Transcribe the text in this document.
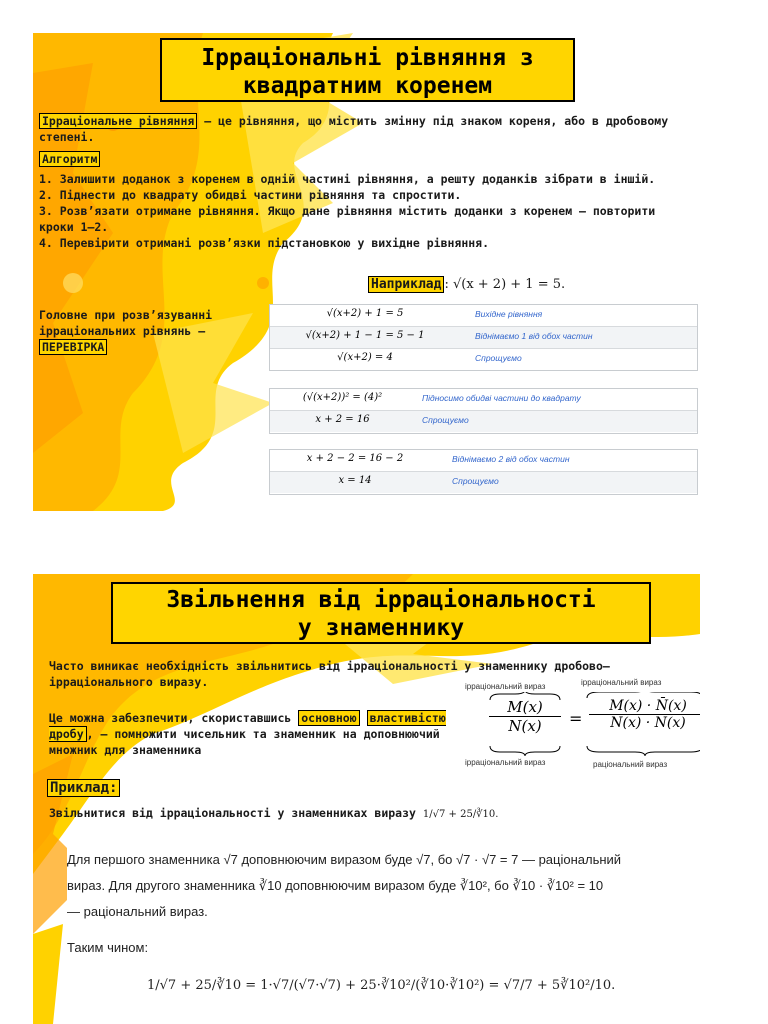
Ірраціональні рівняння з
квадратним коренем
Ірраціональне рівняння – це рівняння, що містить змінну під знаком кореня, або в дробовому степені.
Алгоритм
1. Залишити доданок з коренем в одній частині рівняння, а решту доданків зібрати в іншій.
2. Піднести до квадрату обидві частини рівняння та спростити.
3. Розв’язати отримане рівняння. Якщо дане рівняння містить доданки з коренем – повторити кроки 1–2.
4. Перевірити отримані розв’язки підстановкою у вихідне рівняння.
Наприклад : √(x + 2) + 1 = 5.
Головне при розв’язуванні ірраціональних рівнянь –
ПЕРЕВІРКА
√(x+2) + 1 = 5	Вихідне рівняння
√(x+2) + 1 − 1 = 5 − 1	Віднімаємо 1 від обох частин
√(x+2) = 4	Спрощуємо
(√(x+2))² = (4)²	Підносимо обидві частини до квадрату
x + 2 = 16	Спрощуємо
x + 2 − 2 = 16 − 2	Віднімаємо 2 від обох частин
x = 14	Спрощуємо
Звільнення від ірраціональності
у знаменнику
Часто виникає необхідність звільнитись від ірраціональності у знаменнику дробово–ірраціонального виразу.
Це можна забезпечити, скориставшись основною властивістю дробу , – помножити чисельник та знаменник на доповнюючий множник для знаменника
ірраціональний вираз	ірраціональний вираз
$\frac{M(x)}{N(x)} = \frac{M(x) \cdot N̄(x)}{N(x) \cdot N̄(x)}$
ірраціональний вираз	раціональний вираз
Приклад:
Звільнитися від ірраціональності у знаменниках виразу 1/√7 + 25/∛10.

Для першого знаменника √7 доповнюючим виразом буде √7, бо √7 · √7 = 7 — раціональний

вираз. Для другого знаменника ∛10 доповнюючим виразом буде ∛10², бо ∛10 · ∛10² = 10

— раціональний вираз.

Таким чином:

1/√7 + 25/∛10 = 1·√7/(√7·√7) + 25·∛10²/(∛10·∛10²) = √7/7 + 5∛10²/10.
